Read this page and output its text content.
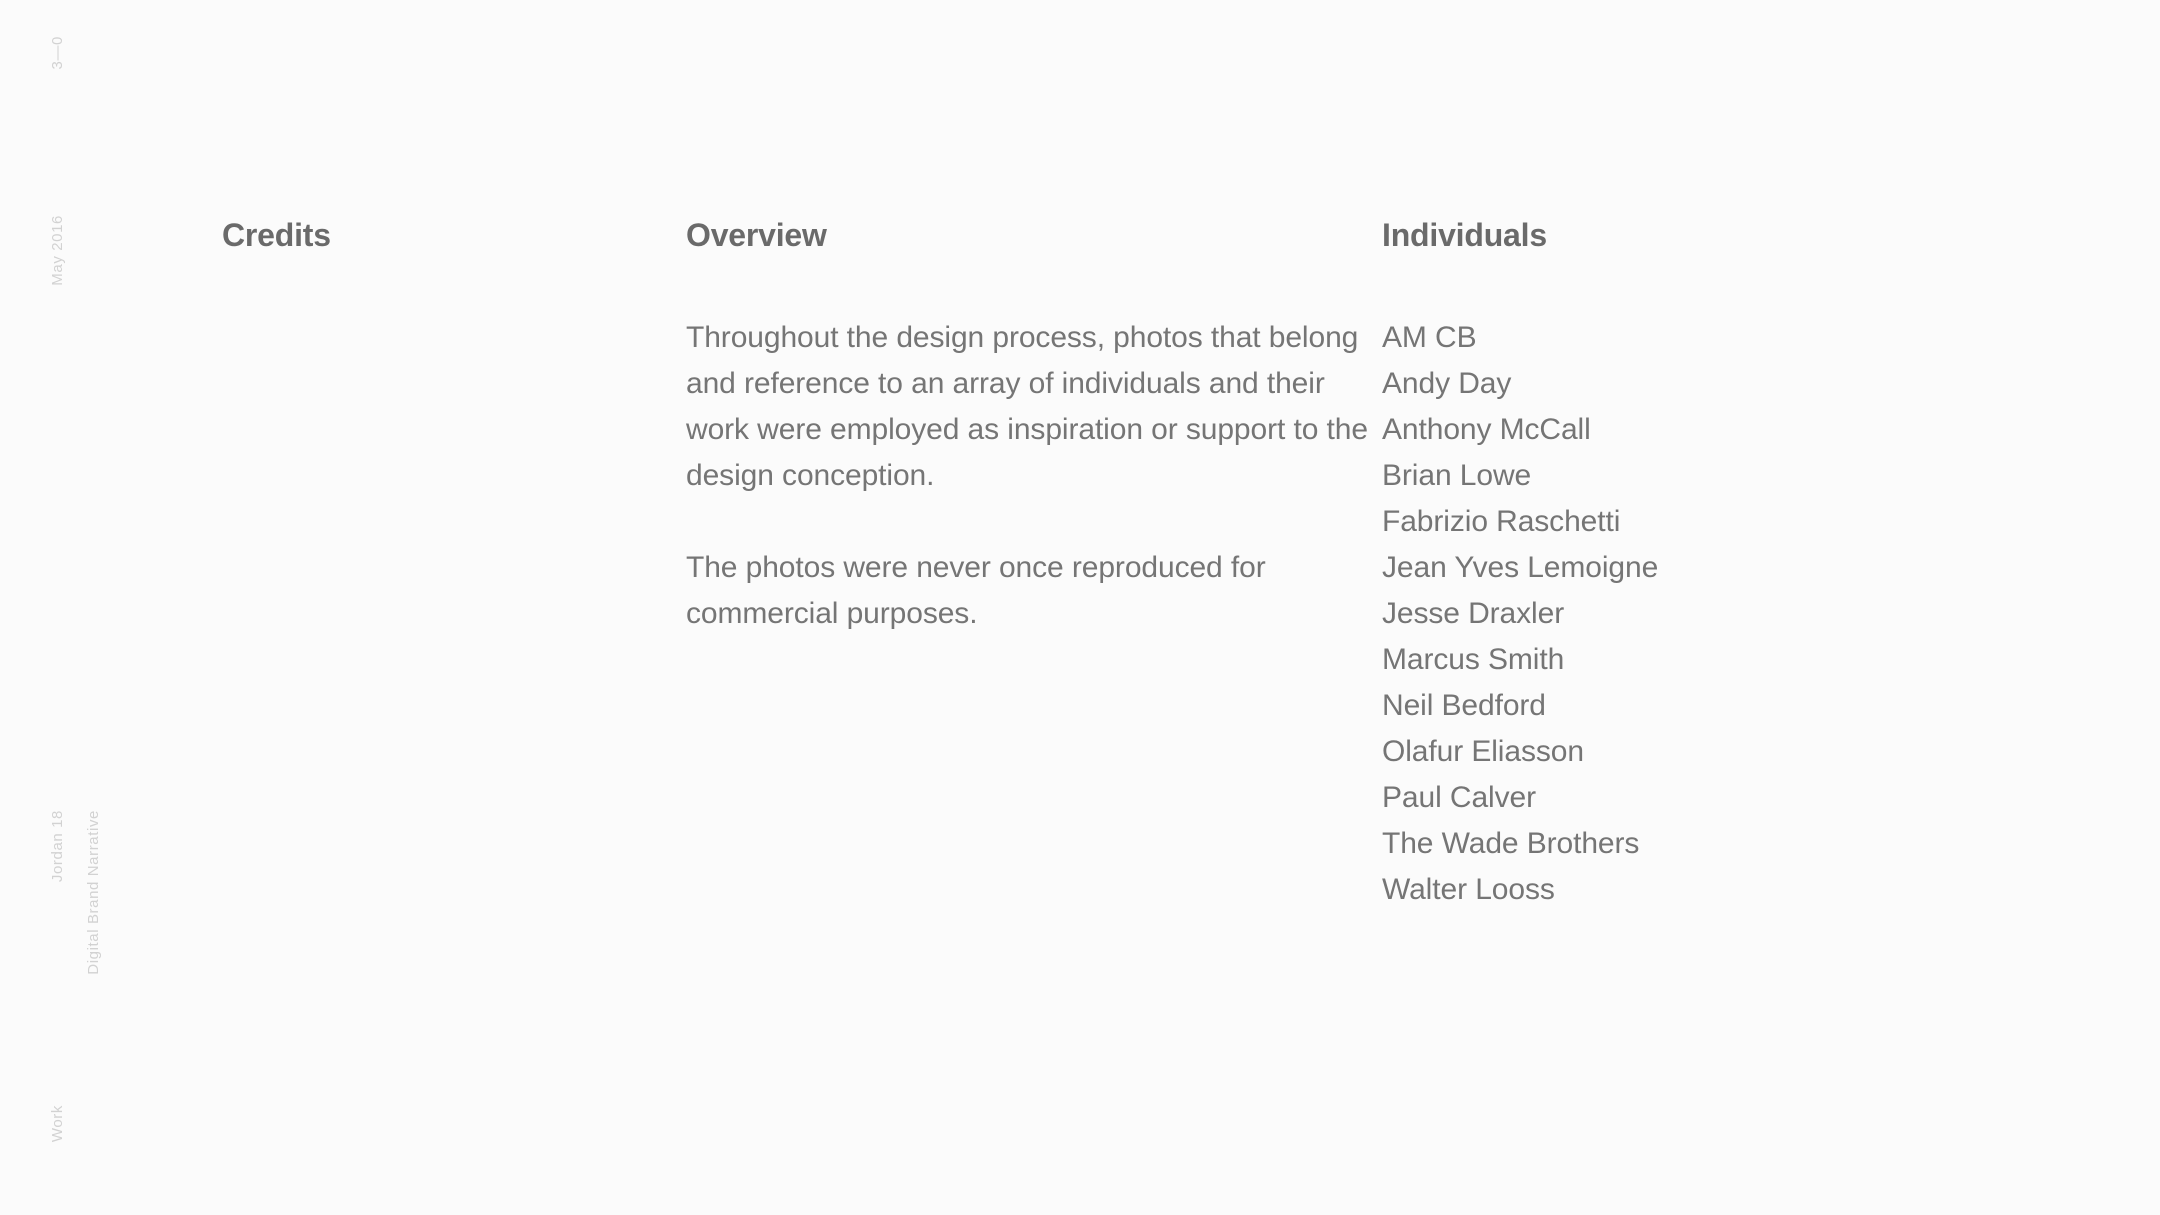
3—0
May 2016
Jordan 18 Digital Brand Narrative
Work
Credits	Overview

Throughout the design process, photos that belong and reference to an array of individuals and their work were employed as inspiration or support to the design conception.

The photos were never once reproduced for commercial purposes.

Individuals
AM CB
Andy Day
Anthony McCall
Brian Lowe
Fabrizio Raschetti
Jean Yves Lemoigne
Jesse Draxler
Marcus Smith
Neil Bedford
Olafur Eliasson
Paul Calver
The Wade Brothers
Walter Looss
